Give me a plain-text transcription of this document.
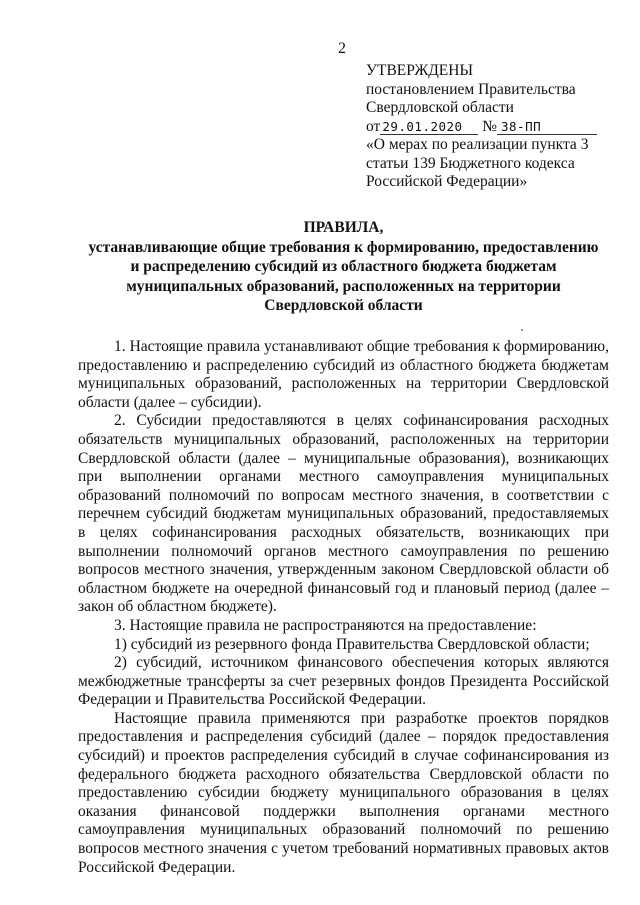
2
УТВЕРЖДЕНЫ
постановлением Правительства
Свердловской области
от 29.01.2020 № 38-ПП
«О мерах по реализации пункта 3
статьи 139 Бюджетного кодекса
Российской Федерации»
ПРАВИЛА,
устанавливающие общие требования к формированию, предоставлению
и распределению субсидий из областного бюджета бюджетам
муниципальных образований, расположенных на территории
Свердловской области

1. Настоящие правила устанавливают общие требования к формированию, предоставлению и распределению субсидий из областного бюджета бюджетам муниципальных образований, расположенных на территории Свердловской области (далее – субсидии).

2. Субсидии предоставляются в целях софинансирования расходных обязательств муниципальных образований, расположенных на территории Свердловской области (далее – муниципальные образования), возникающих при выполнении органами местного самоуправления муниципальных образований полномочий по вопросам местного значения, в соответствии с перечнем субсидий бюджетам муниципальных образований, предоставляемых в целях софинансирования расходных обязательств, возникающих при выполнении полномочий органов местного самоуправления по решению вопросов местного значения, утвержденным законом Свердловской области об областном бюджете на очередной финансовый год и плановый период (далее – закон об областном бюджете).

3. Настоящие правила не распространяются на предоставление:

1) субсидий из резервного фонда Правительства Свердловской области;

2) субсидий, источником финансового обеспечения которых являются межбюджетные трансферты за счет резервных фондов Президента Российской Федерации и Правительства Российской Федерации.

Настоящие правила применяются при разработке проектов порядков предоставления и распределения субсидий (далее – порядок предоставления субсидий) и проектов распределения субсидий в случае софинансирования из федерального бюджета расходного обязательства Свердловской области по предоставлению субсидии бюджету муниципального образования в целях оказания финансовой поддержки выполнения органами местного самоуправления муниципальных образований полномочий по решению вопросов местного значения с учетом требований нормативных правовых актов Российской Федерации.
